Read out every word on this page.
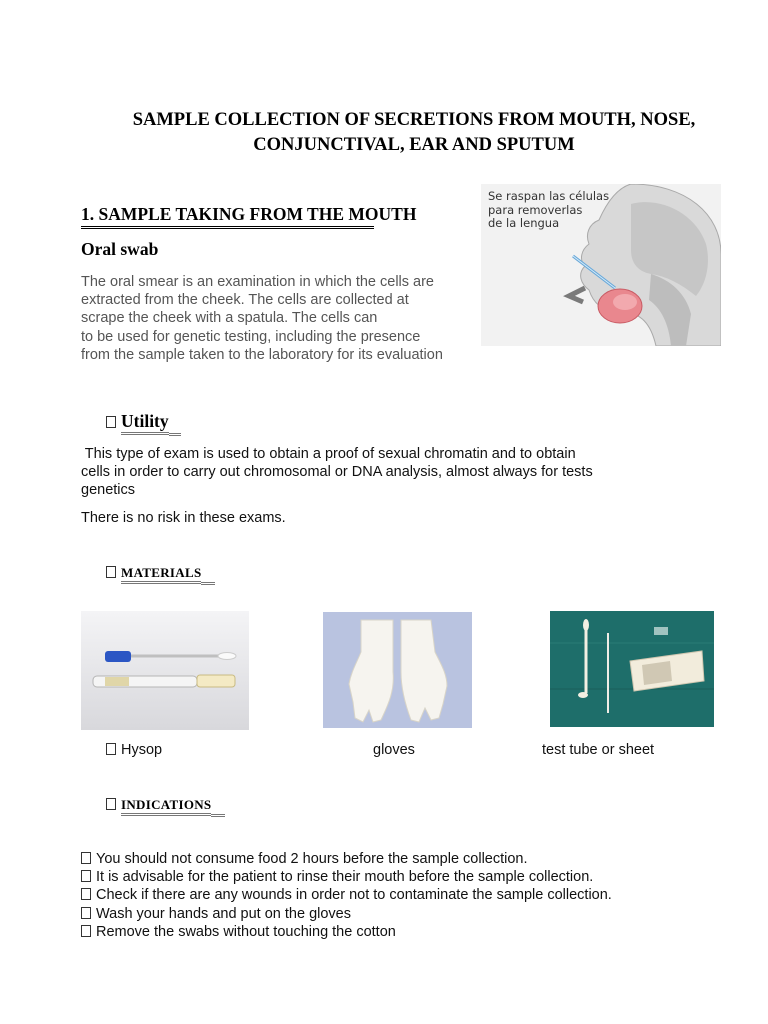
SAMPLE COLLECTION OF SECRETIONS FROM MOUTH, NOSE,
CONJUNCTIVAL, EAR AND SPUTUM
1. SAMPLE TAKING FROM THE MOUTH
Oral swab
The oral smear is an examination in which the cells are
extracted from the cheek. The cells are collected at
scrape the cheek with a spatula. The cells can
to be used for genetic testing, including the presence
from the sample taken to the laboratory for its evaluation
Se raspan las células
para removerlas
de la lengua
Utility
This type of exam is used to obtain a proof of sexual chromatin and to obtain
cells in order to carry out chromosomal or DNA analysis, almost always for tests
genetics
There is no risk in these exams.
MATERIALS
Hysop	gloves	test tube or sheet
INDICATIONS
You should not consume food 2 hours before the sample collection.
It is advisable for the patient to rinse their mouth before the sample collection.
Check if there are any wounds in order not to contaminate the sample collection.
Wash your hands and put on the gloves
Remove the swabs without touching the cotton
